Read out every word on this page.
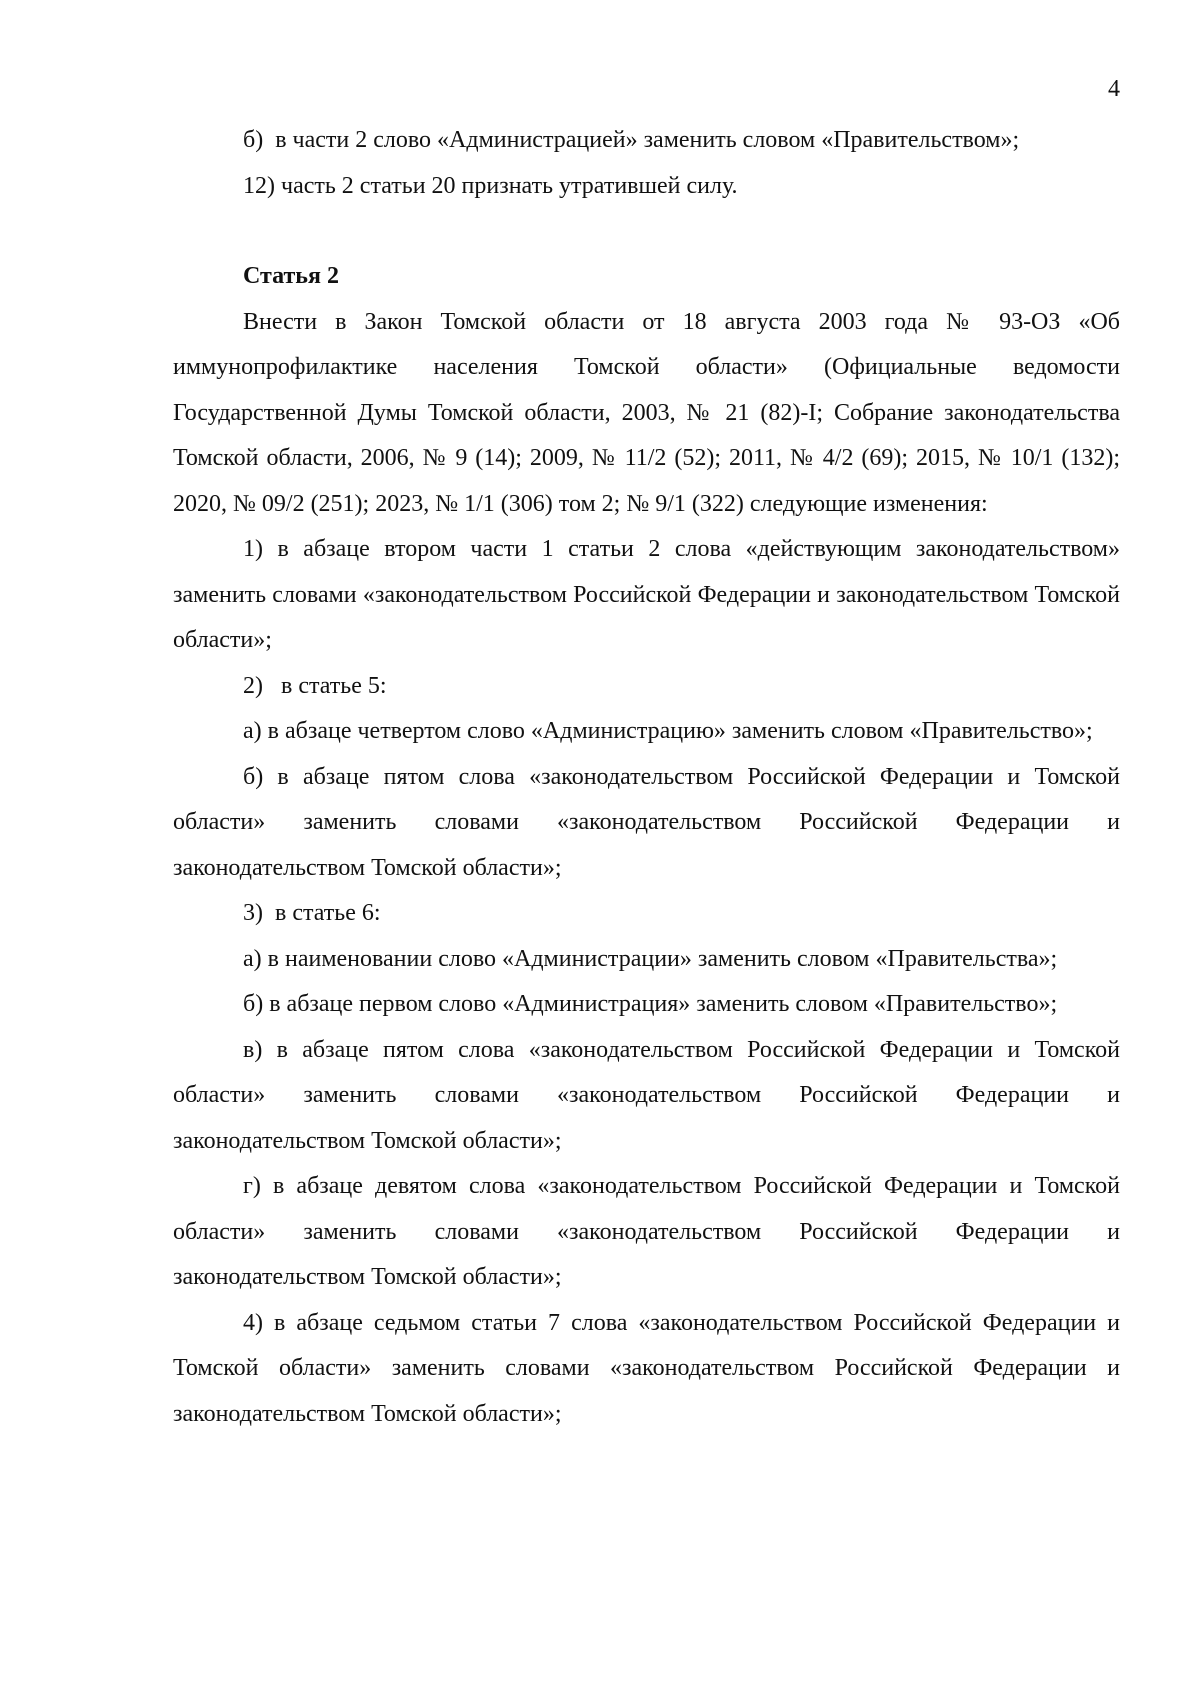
4

б)  в части 2 слово «Администрацией» заменить словом «Правительством»;

12) часть 2 статьи 20 признать утратившей силу.

Статья 2

Внести в Закон Томской области от 18 августа 2003 года № 93-ОЗ «Об иммунопрофилактике населения Томской области» (Официальные ведомости Государственной Думы Томской области, 2003, № 21 (82)-I; Собрание законодательства Томской области, 2006, № 9 (14); 2009, № 11/2 (52); 2011, № 4/2 (69); 2015, № 10/1 (132); 2020, № 09/2 (251); 2023, № 1/1 (306) том 2; № 9/1 (322) следующие изменения:

1) в абзаце втором части 1 статьи 2 слова «действующим законодательством» заменить словами «законодательством Российской Федерации и законодательством Томской области»;

2)   в статье 5:

а) в абзаце четвертом слово «Администрацию» заменить словом «Правительство»;

б) в абзаце пятом слова «законодательством Российской Федерации и Томской области» заменить словами «законодательством Российской Федерации и законодательством Томской области»;

3)  в статье 6:

а) в наименовании слово «Администрации» заменить словом «Правительства»;

б) в абзаце первом слово «Администрация» заменить словом «Правительство»;

в) в абзаце пятом слова «законодательством Российской Федерации и Томской области» заменить словами «законодательством Российской Федерации и законодательством Томской области»;

г) в абзаце девятом слова «законодательством Российской Федерации и Томской области» заменить словами «законодательством Российской Федерации и законодательством Томской области»;

4) в абзаце седьмом статьи 7 слова «законодательством Российской Федерации и Томской области» заменить словами «законодательством Российской Федерации и законодательством Томской области»;
